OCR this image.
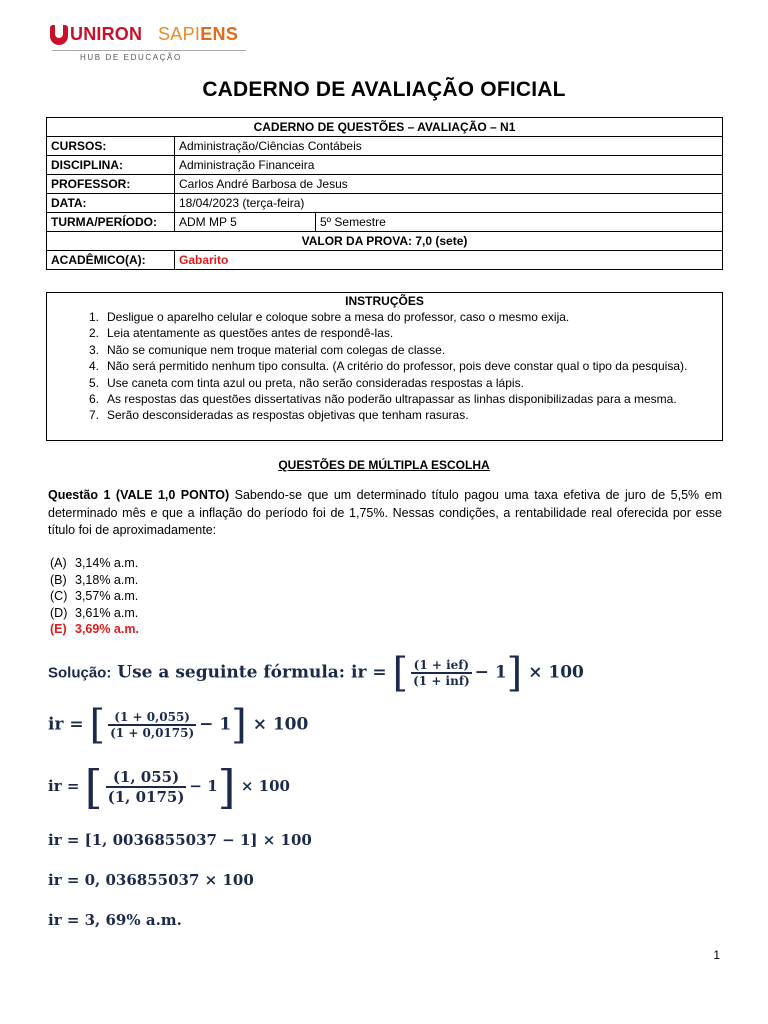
UNIRON SAPIENS
HUB DE EDUCAÇÃO
CADERNO DE AVALIAÇÃO OFICIAL
CADERNO DE QUESTÕES – AVALIAÇÃO – N1		
CURSOS:	Administração/Ciências Contábeis	
DISCIPLINA:	Administração Financeira	
PROFESSOR:	Carlos André Barbosa de Jesus	
DATA:	18/04/2023 (terça-feira)	
TURMA/PERÍODO:	ADM MP 5	5º Semestre
VALOR DA PROVA: 7,0 (sete)		
ACADÊMICO(A):	Gabarito	
INSTRUÇÕES
1. Desligue o aparelho celular e coloque sobre a mesa do professor, caso o mesmo exija.
2. Leia atentamente as questões antes de respondê-las.
3. Não se comunique nem troque material com colegas de classe.
4. Não será permitido nenhum tipo consulta. (A critério do professor, pois deve constar qual o tipo da pesquisa).
5. Use caneta com tinta azul ou preta, não serão consideradas respostas a lápis.
6. As respostas das questões dissertativas não poderão ultrapassar as linhas disponibilizadas para a mesma.
7. Serão desconsideradas as respostas objetivas que tenham rasuras.
QUESTÕES DE MÚLTIPLA ESCOLHA
Questão 1 (VALE 1,0 PONTO) Sabendo-se que um determinado título pagou uma taxa efetiva de juro de 5,5% em determinado mês e que a inflação do período foi de 1,75%. Nessas condições, a rentabilidade real oferecida por esse título foi de aproximadamente:
(A) 3,14% a.m.
(B) 3,18% a.m.
(C) 3,57% a.m.
(D) 3,61% a.m.
(E) 3,69% a.m.
Solução: Use a seguinte fórmula: ir = [ $\frac{\text{(1 + ief)}}{\text{(1 + inf)}} - 1] \times 100$
ir = [ $\frac{(1 + 0,055)}{(1 + 0,0175)} - 1] \times 100$
ir = [ $\frac{(1, 055)}{(1, 0175)} - 1] \times 100$
ir = [1, 0036855037 − 1] × 100
ir = 0, 036855037 × 100
ir = 3, 69% a.m.
1
